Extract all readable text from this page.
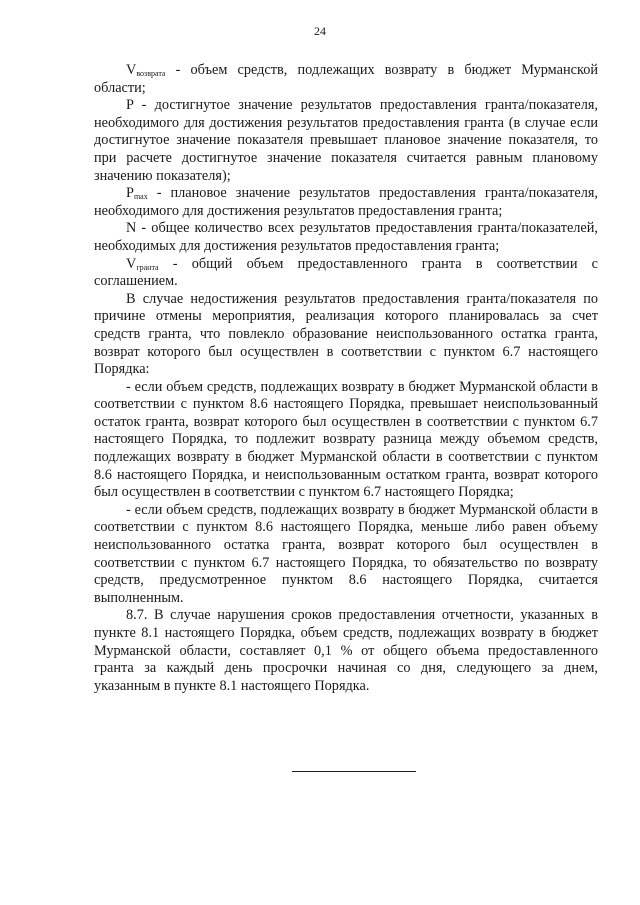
24

$V_{возврата}$ - объем средств, подлежащих возврату в бюджет Мурманской области;

P - достигнутое значение результатов предоставления гранта/показателя, необходимого для достижения результатов предоставления гранта (в случае если достигнутое значение показателя превышает плановое значение показателя, то при расчете достигнутое значение показателя считается равным плановому значению показателя);

$P_{max}$ - плановое значение результатов предоставления гранта/показателя, необходимого для достижения результатов предоставления гранта;

N - общее количество всех результатов предоставления гранта/показателей, необходимых для достижения результатов предоставления гранта;

$V_{гранта}$ - общий объем предоставленного гранта в соответствии с соглашением.

В случае недостижения результатов предоставления гранта/показателя по причине отмены мероприятия, реализация которого планировалась за счет средств гранта, что повлекло образование неиспользованного остатка гранта, возврат которого был осуществлен в соответствии с пунктом 6.7 настоящего Порядка:

- если объем средств, подлежащих возврату в бюджет Мурманской области в соответствии с пунктом 8.6 настоящего Порядка, превышает неиспользованный остаток гранта, возврат которого был осуществлен в соответствии с пунктом 6.7 настоящего Порядка, то подлежит возврату разница между объемом средств, подлежащих возврату в бюджет Мурманской области в соответствии с пунктом 8.6 настоящего Порядка, и неиспользованным остатком гранта, возврат которого был осуществлен в соответствии с пунктом 6.7 настоящего Порядка;

- если объем средств, подлежащих возврату в бюджет Мурманской области в соответствии с пунктом 8.6 настоящего Порядка, меньше либо равен объему неиспользованного остатка гранта, возврат которого был осуществлен в соответствии с пунктом 6.7 настоящего Порядка, то обязательство по возврату средств, предусмотренное пунктом 8.6 настоящего Порядка, считается выполненным.

8.7. В случае нарушения сроков предоставления отчетности, указанных в пункте 8.1 настоящего Порядка, объем средств, подлежащих возврату в бюджет Мурманской области, составляет 0,1 % от общего объема предоставленного гранта за каждый день просрочки начиная со дня, следующего за днем, указанным в пункте 8.1 настоящего Порядка.
